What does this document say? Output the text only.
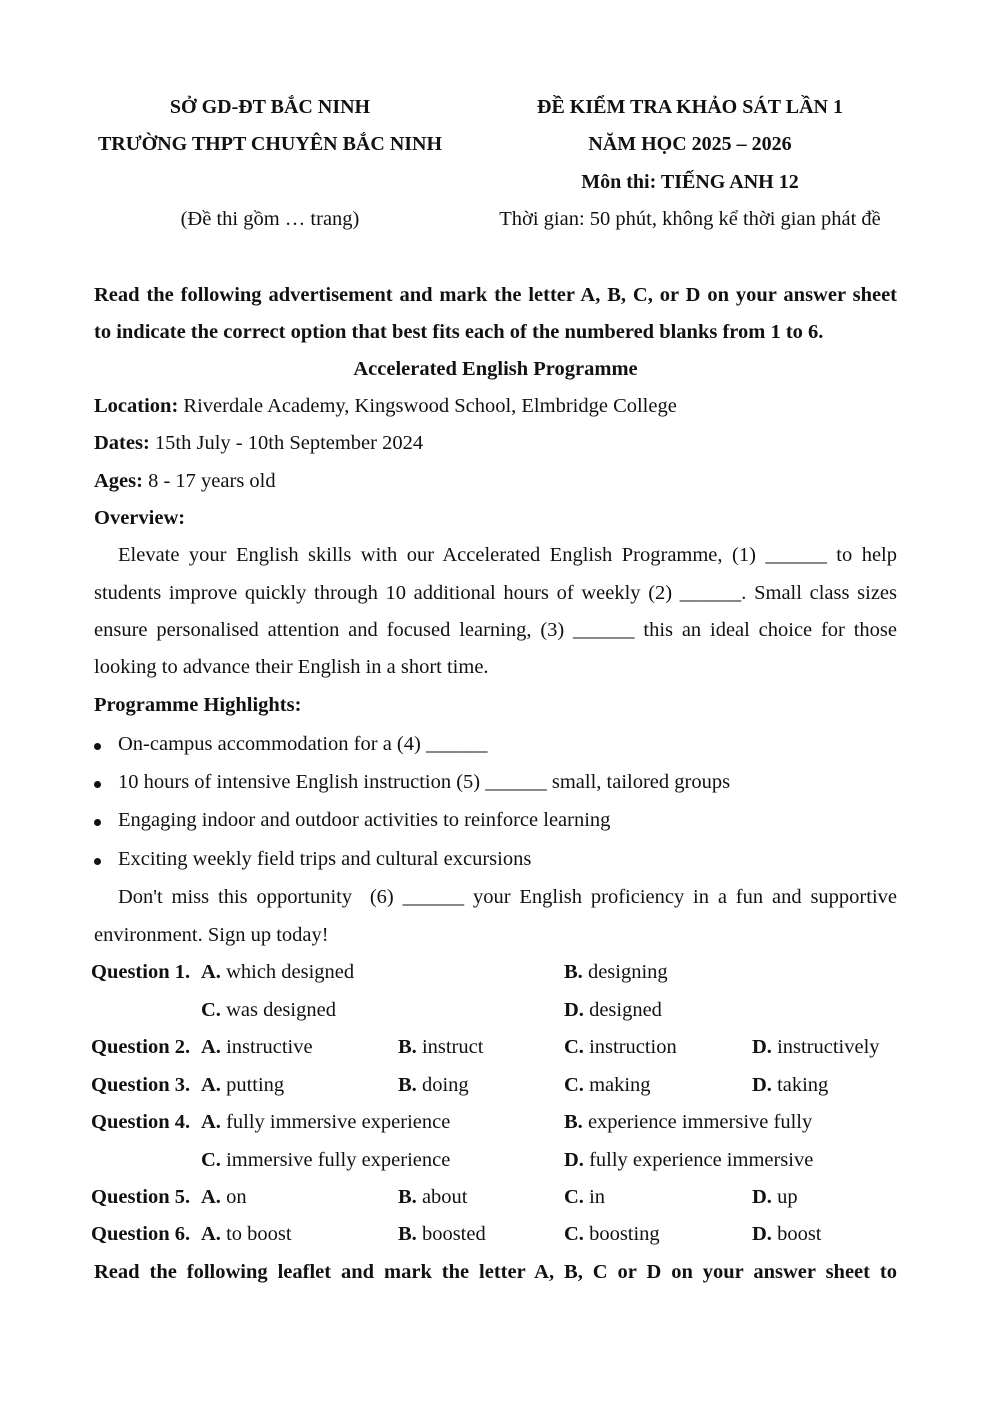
SỞ GD-ĐT BẮC NINH
TRƯỜNG THPT CHUYÊN BẮC NINH
(Đề thi gồm … trang)
ĐỀ KIỂM TRA KHẢO SÁT LẦN 1
NĂM HỌC 2025 – 2026
Môn thi: TIẾNG ANH 12
Thời gian: 50 phút, không kể thời gian phát đề
Read the following advertisement and mark the letter A, B, C, or D on your answer sheet
to indicate the correct option that best fits each of the numbered blanks from 1 to 6.
Accelerated English Programme
Location: Riverdale Academy, Kingswood School, Elmbridge College
Dates: 15th July - 10th September 2024
Ages: 8 - 17 years old
Overview:
Elevate your English skills with our Accelerated English Programme, (1) ______ to help
students improve quickly through 10 additional hours of weekly (2) ______. Small class sizes
ensure personalised attention and focused learning, (3) ______ this an ideal choice for those
looking to advance their English in a short time.
Programme Highlights:
On-campus accommodation for a (4) ______
10 hours of intensive English instruction (5) ______ small, tailored groups
Engaging indoor and outdoor activities to reinforce learning
Exciting weekly field trips and cultural excursions
Don't miss this opportunity  (6) ______ your English proficiency in a fun and supportive
environment. Sign up today!
Question 1. A. which designed	B. designing
C. was designed	D. designed
Question 2. A. instructive	B. instruct	C. instruction	D. instructively
Question 3. A. putting	B. doing	C. making	D. taking
Question 4. A. fully immersive experience	B. experience immersive fully
C. immersive fully experience	D. fully experience immersive
Question 5. A. on	B. about	C. in	D. up
Question 6. A. to boost	B. boosted	C. boosting	D. boost
Read the following leaflet and mark the letter A, B, C or D on your answer sheet to
